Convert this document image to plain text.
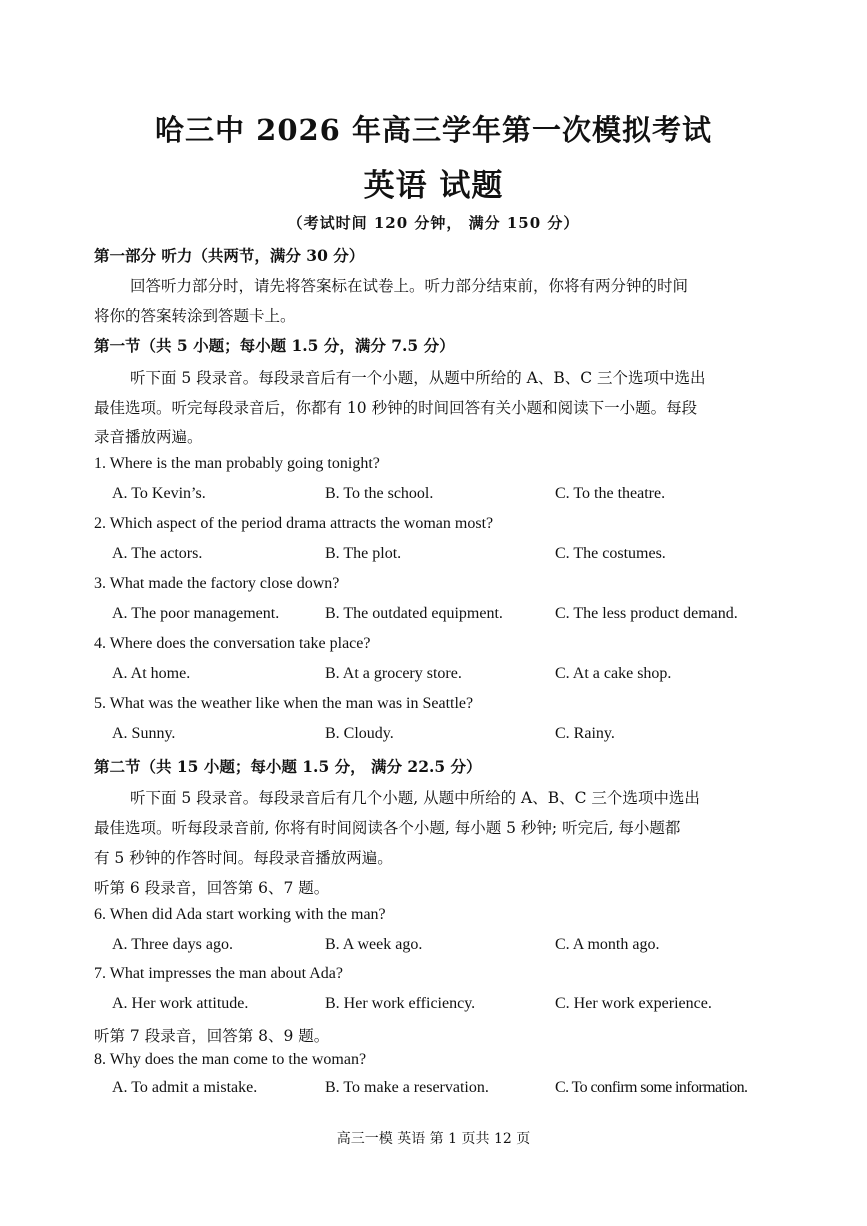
哈三中 2026 年高三学年第一次模拟考试
英语 试题
（考试时间 120 分钟， 满分 150 分）
第一部分 听力（共两节，满分 30 分）
回答听力部分时，请先将答案标在试卷上。听力部分结束前，你将有两分钟的时间
将你的答案转涂到答题卡上。
第一节（共 5 小题；每小题 1.5 分，满分 7.5 分）
听下面 5 段录音。每段录音后有一个小题，从题中所给的 A、B、C 三个选项中选出
最佳选项。听完每段录音后，你都有 10 秒钟的时间回答有关小题和阅读下一小题。每段
录音播放两遍。
1. Where is the man probably going tonight?
A. To Kevin’s.	B. To the school.	C. To the theatre.
2. Which aspect of the period drama attracts the woman most?
A. The actors.	B. The plot.	C. The costumes.
3. What made the factory close down?
A. The poor management.	B. The outdated equipment.	C. The less product demand.
4. Where does the conversation take place?
A. At home.	B. At a grocery store.	C. At a cake shop.
5. What was the weather like when the man was in Seattle?
A. Sunny.	B. Cloudy.	C. Rainy.
第二节（共 15 小题；每小题 1.5 分， 满分 22.5 分）
听下面 5 段录音。每段录音后有几个小题, 从题中所给的 A、B、C 三个选项中选出
最佳选项。听每段录音前, 你将有时间阅读各个小题, 每小题 5 秒钟; 听完后, 每小题都
有 5 秒钟的作答时间。每段录音播放两遍。
听第 6 段录音，回答第 6、7 题。
6. When did Ada start working with the man?
A. Three days ago.	B. A week ago.	C. A month ago.
7. What impresses the man about Ada?
A. Her work attitude.	B. Her work efficiency.	C. Her work experience.
听第 7 段录音，回答第 8、9 题。
8. Why does the man come to the woman?
A. To admit a mistake.	B. To make a reservation.	C. To confirm some information.
高三一模 英语 第 1 页共 12 页
